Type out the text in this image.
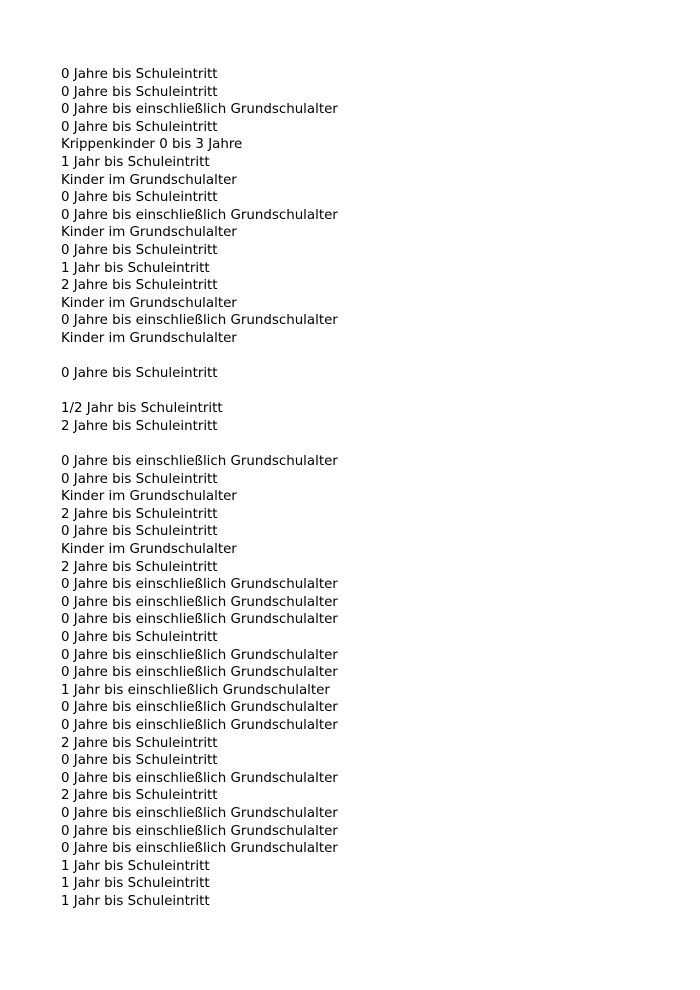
0 Jahre bis Schuleintritt
0 Jahre bis Schuleintritt
0 Jahre bis einschließlich Grundschulalter
0 Jahre bis Schuleintritt
Krippenkinder 0 bis 3 Jahre
1 Jahr bis Schuleintritt
Kinder im Grundschulalter
0 Jahre bis Schuleintritt
0 Jahre bis einschließlich Grundschulalter
Kinder im Grundschulalter
0 Jahre bis Schuleintritt
1 Jahr bis Schuleintritt
2 Jahre bis Schuleintritt
Kinder im Grundschulalter
0 Jahre bis einschließlich Grundschulalter
Kinder im Grundschulalter
0 Jahre bis Schuleintritt
1/2 Jahr bis Schuleintritt
2 Jahre bis Schuleintritt
0 Jahre bis einschließlich Grundschulalter
0 Jahre bis Schuleintritt
Kinder im Grundschulalter
2 Jahre bis Schuleintritt
0 Jahre bis Schuleintritt
Kinder im Grundschulalter
2 Jahre bis Schuleintritt
0 Jahre bis einschließlich Grundschulalter
0 Jahre bis einschließlich Grundschulalter
0 Jahre bis einschließlich Grundschulalter
0 Jahre bis Schuleintritt
0 Jahre bis einschließlich Grundschulalter
0 Jahre bis einschließlich Grundschulalter
1 Jahr bis einschließlich Grundschulalter
0 Jahre bis einschließlich Grundschulalter
0 Jahre bis einschließlich Grundschulalter
2 Jahre bis Schuleintritt
0 Jahre bis Schuleintritt
0 Jahre bis einschließlich Grundschulalter
2 Jahre bis Schuleintritt
0 Jahre bis einschließlich Grundschulalter
0 Jahre bis einschließlich Grundschulalter
0 Jahre bis einschließlich Grundschulalter
1 Jahr bis Schuleintritt
1 Jahr bis Schuleintritt
1 Jahr bis Schuleintritt
